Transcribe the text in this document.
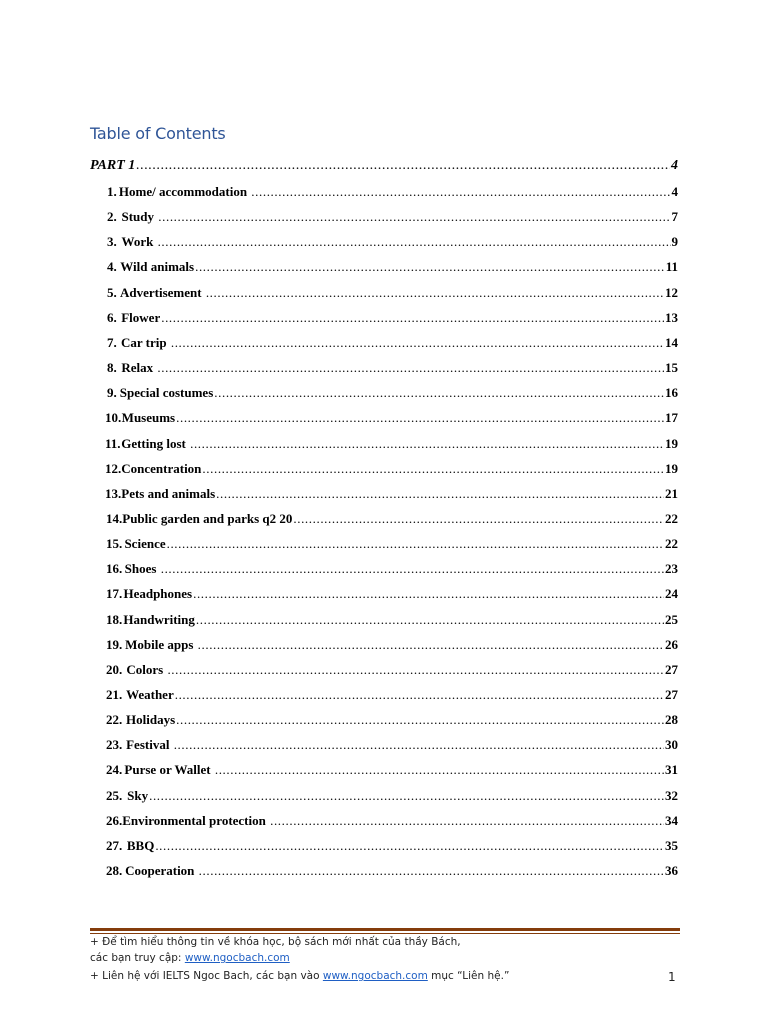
Table of Contents
PART 1 .....	4
1. Home/ accommodation .....	4
2. Study .....	7
3. Work .....	9
4. Wild animals .....	11
5. Advertisement .....	12
6. Flower .....	13
7. Car trip .....	14
8. Relax .....	15
9. Special costumes .....	16
10. Museums .....	17
11. Getting lost .....	19
12. Concentration .....	19
13. Pets and animals .....	21
14. Public garden and parks q2 20 .....	22
15. Science .....	22
16. Shoes .....	23
17. Headphones .....	24
18. Handwriting .....	25
19. Mobile apps .....	26
20. Colors .....	27
21. Weather .....	27
22. Holidays .....	28
23. Festival .....	30
24. Purse or Wallet .....	31
25. Sky .....	32
26. Environmental protection .....	34
27. BBQ .....	35
28. Cooperation .....	36
+ Để tìm hiểu thông tin về khóa học, bộ sách mới nhất của thầy Bách,
các bạn truy cập: www.ngocbach.com
+ Liên hệ với IELTS Ngoc Bach, các bạn vào www.ngocbach.com mục “Liên hệ.”	1
